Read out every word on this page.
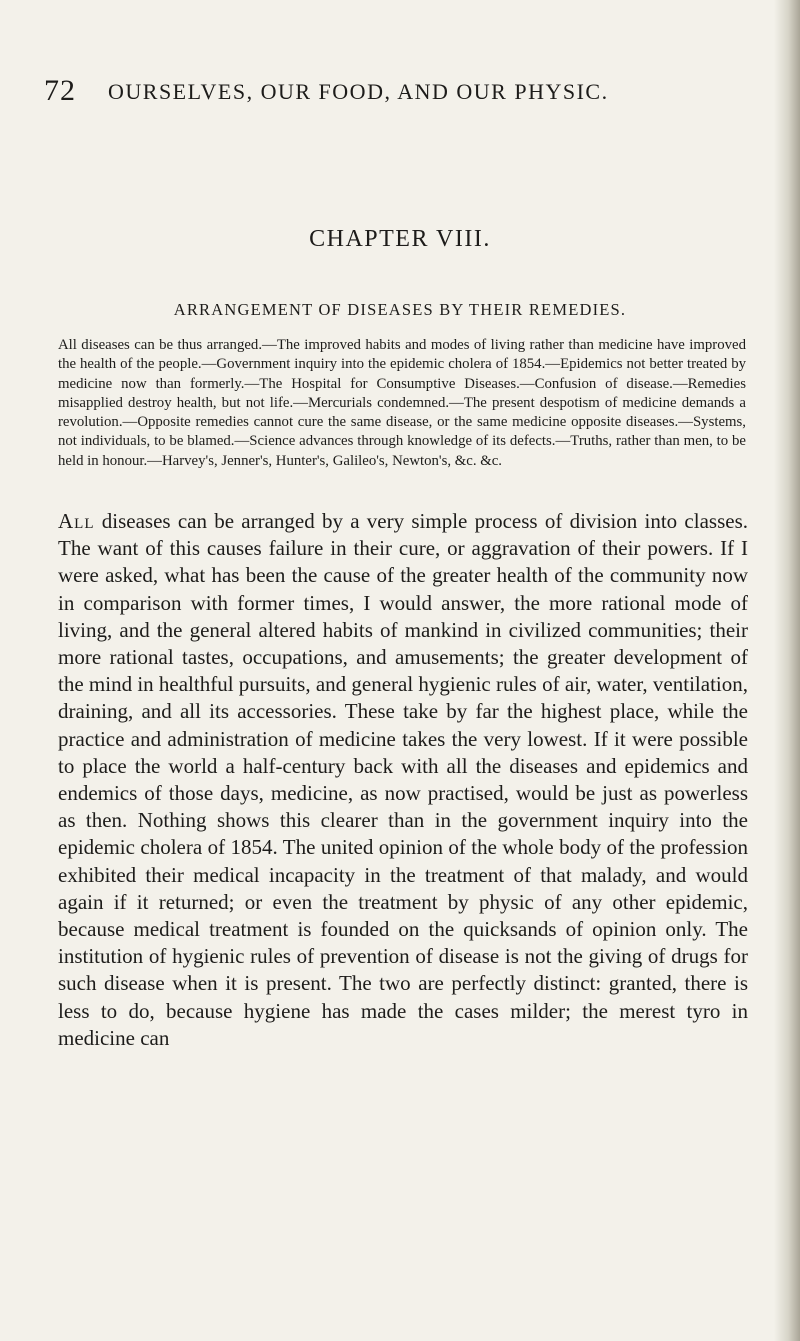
72 OURSELVES, OUR FOOD, AND OUR PHYSIC.
CHAPTER VIII.
ARRANGEMENT OF DISEASES BY THEIR REMEDIES.

All diseases can be thus arranged.—The improved habits and modes of living rather than medicine have improved the health of the people.—Government inquiry into the epidemic cholera of 1854.—Epidemics not better treated by medicine now than formerly.—The Hospital for Consumptive Diseases.—Confusion of disease.—Remedies misapplied destroy health, but not life.—Mercurials condemned.—The present despotism of medicine demands a revolution.—Opposite remedies cannot cure the same disease, or the same medicine opposite diseases.—Systems, not individuals, to be blamed.—Science advances through knowledge of its defects.—Truths, rather than men, to be held in honour.—Harvey's, Jenner's, Hunter's, Galileo's, Newton's, &c. &c.

All diseases can be arranged by a very simple process of division into classes. The want of this causes failure in their cure, or aggravation of their powers. If I were asked, what has been the cause of the greater health of the community now in comparison with former times, I would answer, the more rational mode of living, and the general altered habits of mankind in civilized communities; their more rational tastes, occupations, and amusements; the greater development of the mind in healthful pursuits, and general hygienic rules of air, water, ventilation, draining, and all its accessories. These take by far the highest place, while the practice and administration of medicine takes the very lowest. If it were possible to place the world a half-century back with all the diseases and epidemics and endemics of those days, medicine, as now practised, would be just as powerless as then. Nothing shows this clearer than in the government inquiry into the epidemic cholera of 1854. The united opinion of the whole body of the profession exhibited their medical incapacity in the treatment of that malady, and would again if it returned; or even the treatment by physic of any other epidemic, because medical treatment is founded on the quicksands of opinion only. The institution of hygienic rules of prevention of disease is not the giving of drugs for such disease when it is present. The two are perfectly distinct: granted, there is less to do, because hygiene has made the cases milder; the merest tyro in medicine can
